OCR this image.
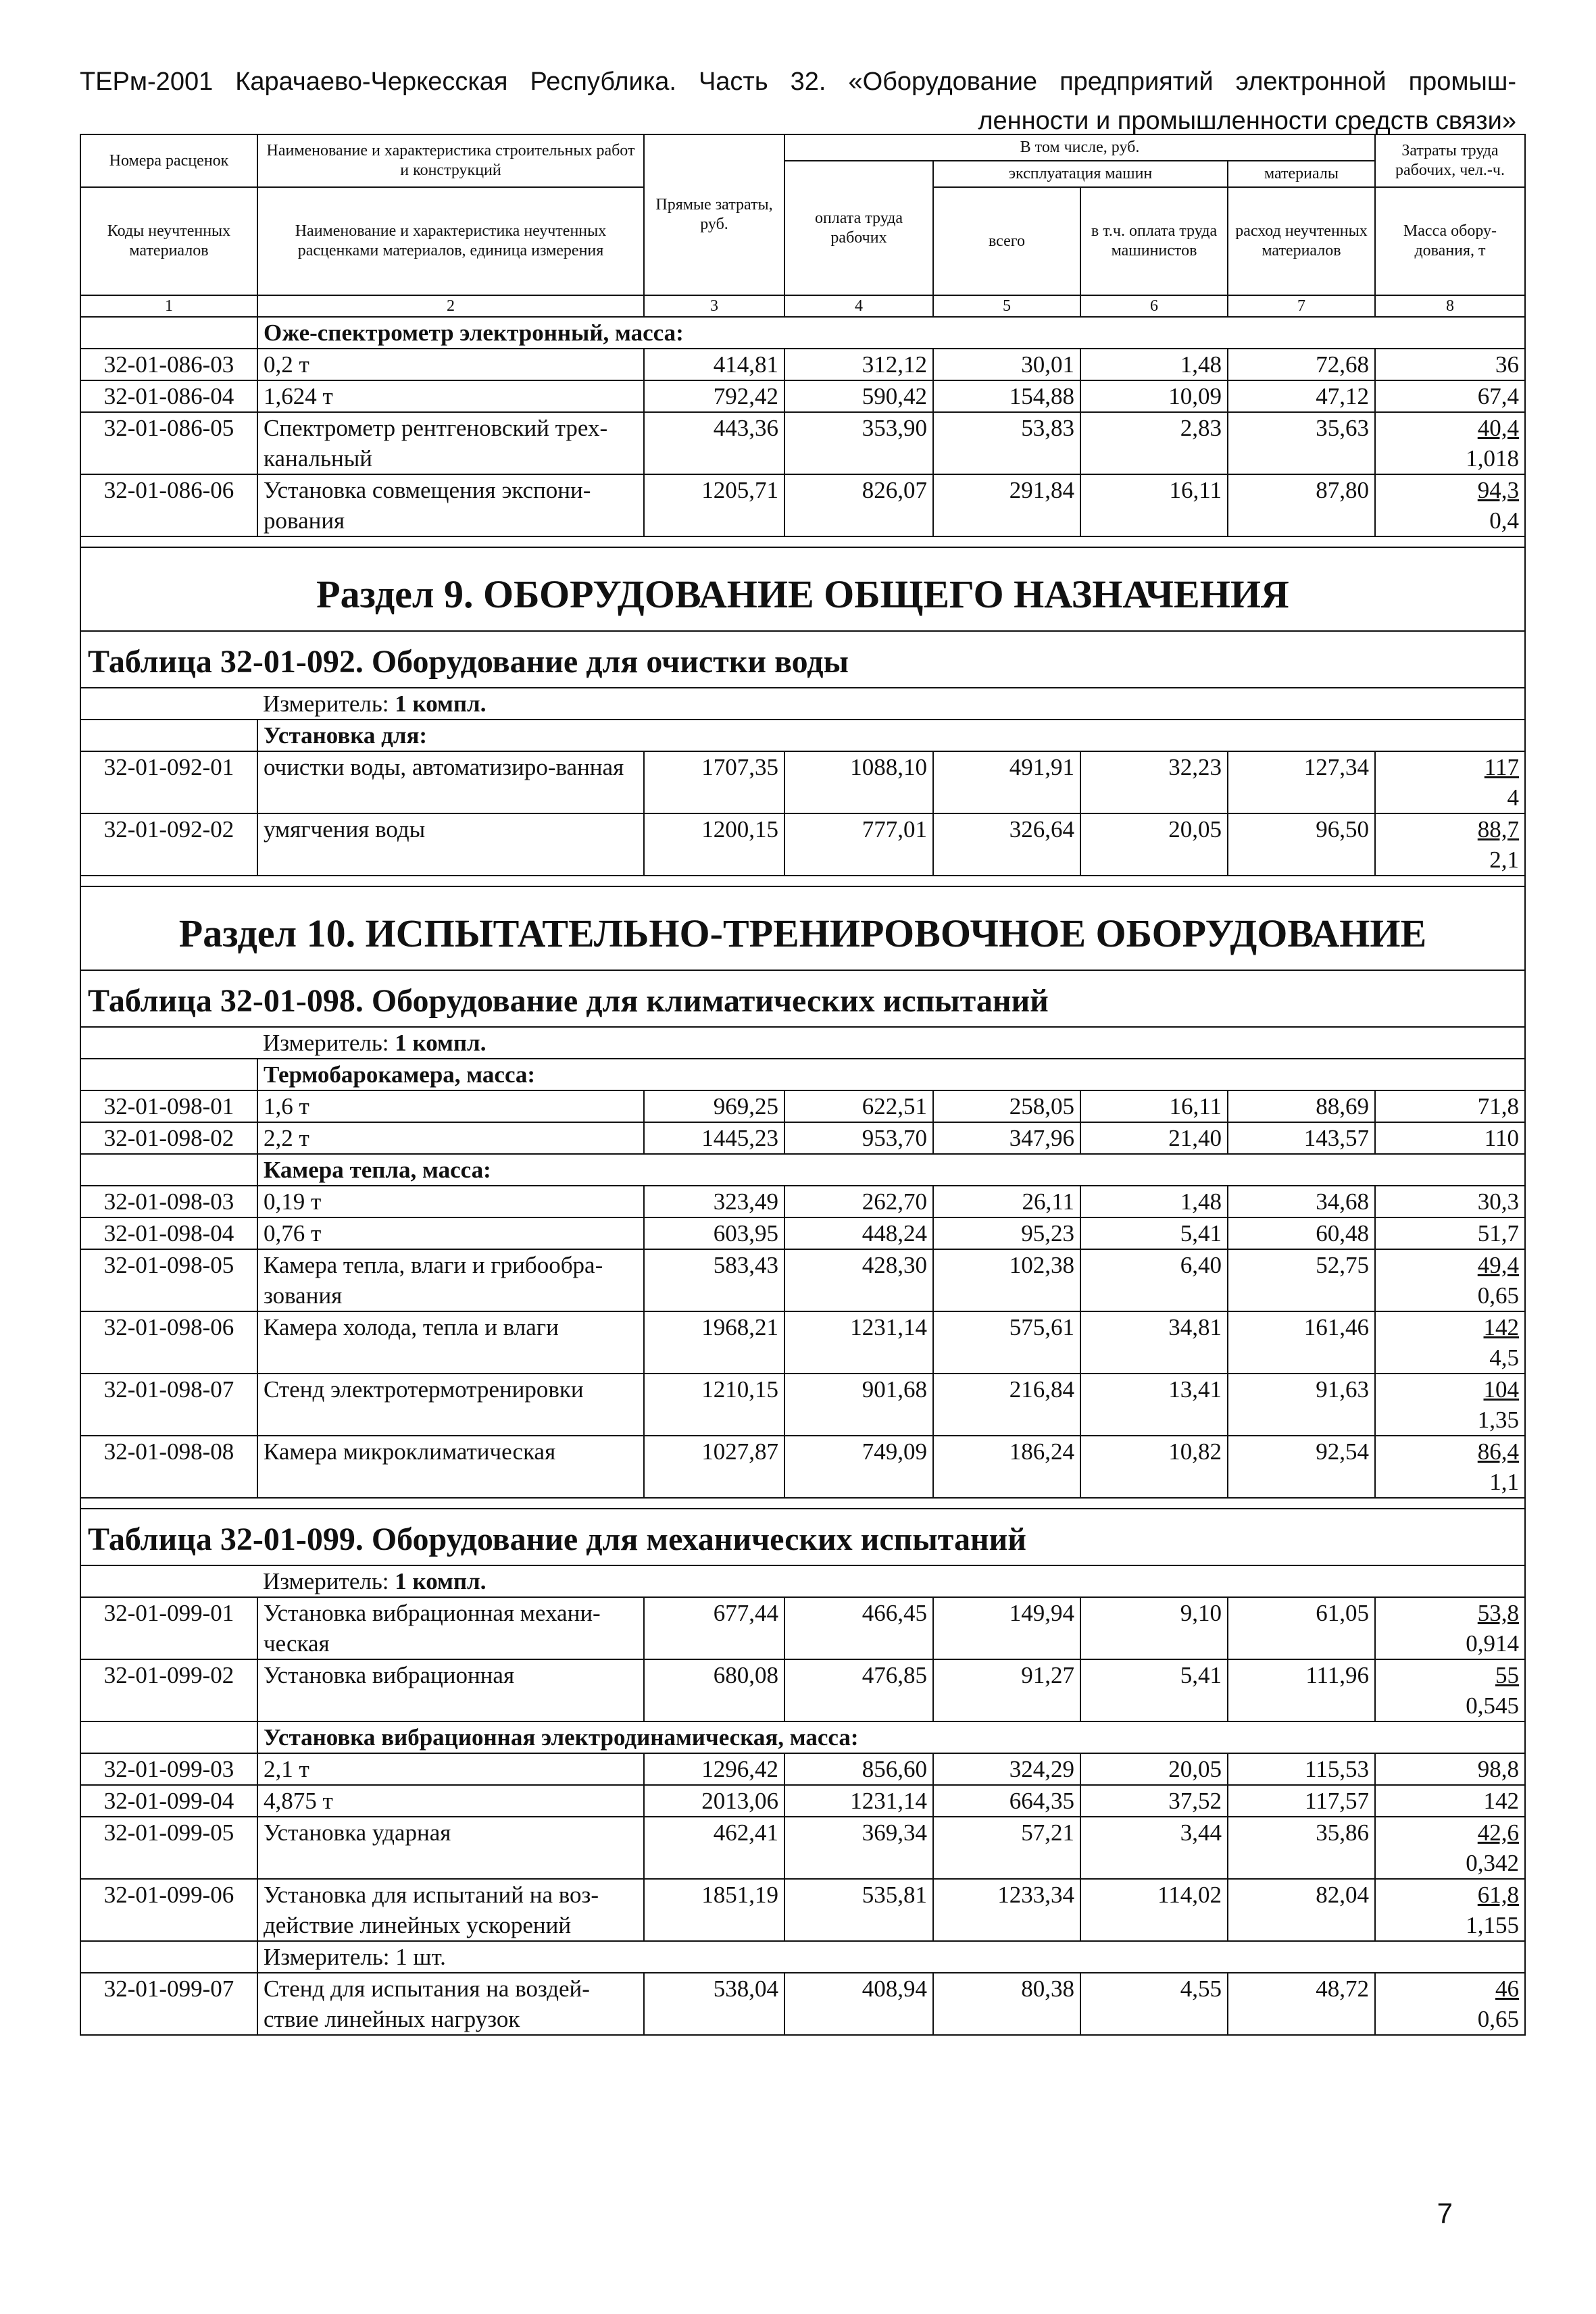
ТЕРм-2001 Карачаево-Черкесская Республика. Часть 32. «Оборудование предприятий электронной промыш-
ленности и промышленности средств связи»
Номера расценок	Наименование и характеристика строительных работ и конструкций	Прямые затраты, руб.	В том числе, руб.				Затраты труда рабочих, чел.-ч.
			оплата труда рабочих	эксплуатация машин		материалы	
Коды неучтенных материалов	Наименование и характеристика неучтенных расценками материалов, единица измерения			всего	в т.ч. оплата труда машинистов	расход неучтенных материалов	
							Масса обору-дования, т
1	2	3	4	5	6	7	8
	Оже-спектрометр электронный, масса:						
32-01-086-03	0,2 т	414,81	312,12	30,01	1,48	72,68	36

32-01-086-04	1,624 т	792,42	590,42	154,88	10,09	47,12	67,4

32-01-086-05	Спектрометр рентгеновский трех-канальный	443,36	353,90	53,83	2,83	35,63	40,4
1,018

32-01-086-06	Установка совмещения экспони-рования	1205,71	826,07	291,84	16,11	87,80	94,3
0,4

Раздел 9. ОБОРУДОВАНИЕ ОБЩЕГО НАЗНАЧЕНИЯ							
Таблица 32-01-092. Оборудование для очистки воды							
	Измеритель: 1 компл.						
	Установка для:						
32-01-092-01	очистки воды, автоматизиро-ванная	1707,35	1088,10	491,91	32,23	127,34	117
4

32-01-092-02	умягчения воды	1200,15	777,01	326,64	20,05	96,50	88,7
2,1

Раздел 10. ИСПЫТАТЕЛЬНО-ТРЕНИРОВОЧНОЕ ОБОРУДОВАНИЕ							
Таблица 32-01-098. Оборудование для климатических испытаний							
	Измеритель: 1 компл.						
	Термобарокамера, масса:						
32-01-098-01	1,6 т	969,25	622,51	258,05	16,11	88,69	71,8

32-01-098-02	2,2 т	1445,23	953,70	347,96	21,40	143,57	110

	Камера тепла, масса:						
32-01-098-03	0,19 т	323,49	262,70	26,11	1,48	34,68	30,3

32-01-098-04	0,76 т	603,95	448,24	95,23	5,41	60,48	51,7

32-01-098-05	Камера тепла, влаги и грибообра-зования	583,43	428,30	102,38	6,40	52,75	49,4
0,65

32-01-098-06	Камера холода, тепла и влаги	1968,21	1231,14	575,61	34,81	161,46	142
4,5

32-01-098-07	Стенд электротермотренировки	1210,15	901,68	216,84	13,41	91,63	104
1,35

32-01-098-08	Камера микроклиматическая	1027,87	749,09	186,24	10,82	92,54	86,4
1,1

Таблица 32-01-099. Оборудование для механических испытаний							
	Измеритель: 1 компл.						
32-01-099-01	Установка вибрационная механи-ческая	677,44	466,45	149,94	9,10	61,05	53,8
0,914

32-01-099-02	Установка вибрационная	680,08	476,85	91,27	5,41	111,96	55
0,545

	Установка вибрационная электродинамическая, масса:						
32-01-099-03	2,1 т	1296,42	856,60	324,29	20,05	115,53	98,8

32-01-099-04	4,875 т	2013,06	1231,14	664,35	37,52	117,57	142

32-01-099-05	Установка ударная	462,41	369,34	57,21	3,44	35,86	42,6
0,342

32-01-099-06	Установка для испытаний на воз-действие линейных ускорений	1851,19	535,81	1233,34	114,02	82,04	61,8
1,155

	Измеритель: 1 шт.						
32-01-099-07	Стенд для испытания на воздей-ствие линейных нагрузок	538,04	408,94	80,38	4,55	48,72	46
0,65
7
